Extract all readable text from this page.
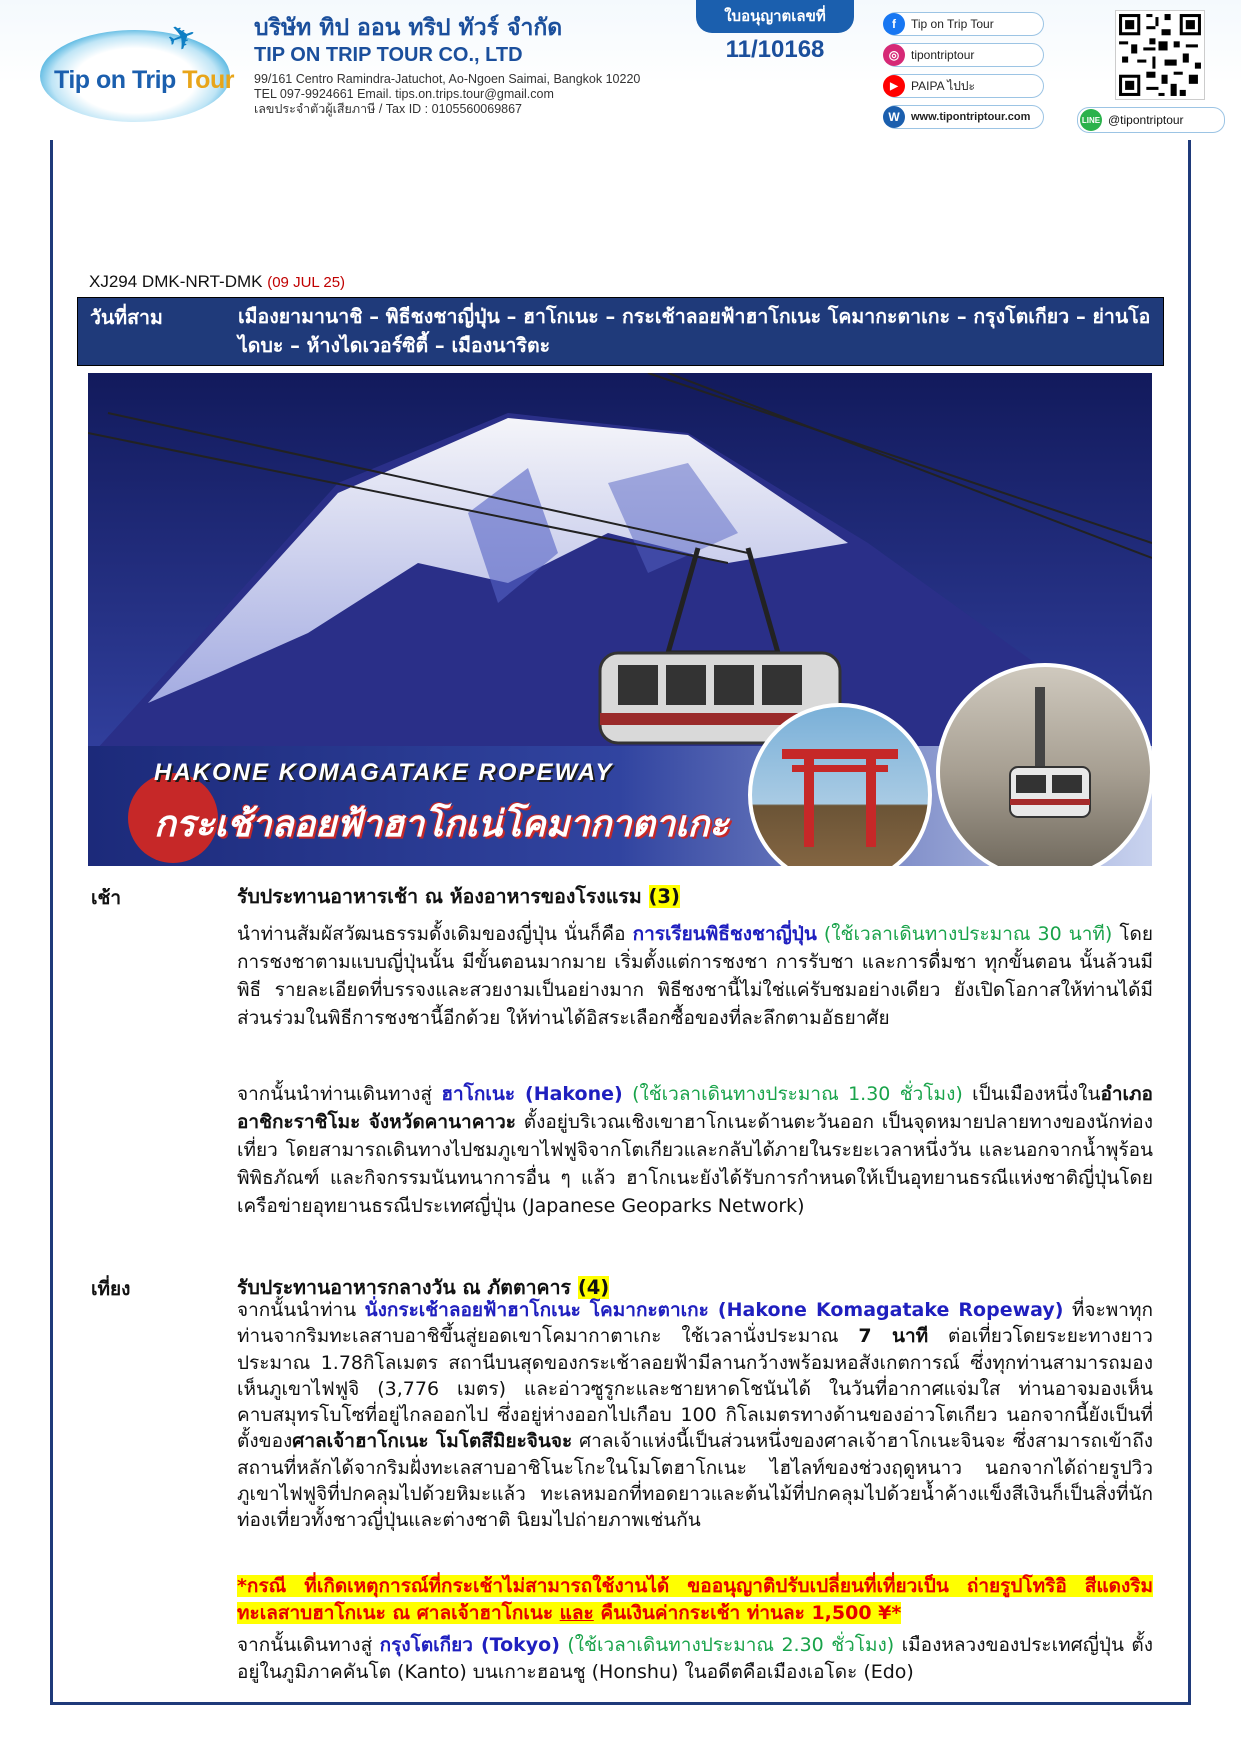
✈
Tip on Trip Tour
บริษัท ทิป ออน ทริป ทัวร์ จำกัด
TIP ON TRIP TOUR CO., LTD
99/161 Centro Ramindra-Jatuchot, Ao-Ngoen Saimai, Bangkok 10220
TEL 097-9924661 Email. tips.on.trips.tour@gmail.com
เลขประจำตัวผู้เสียภาษี / Tax ID : 0105560069867
ใบอนุญาตเลขที่
11/10168
f	Tip on Trip Tour
◎ tipontriptour
▶	PAIPA ไปปะ
W	www.tipontriptour.com	LINE @tipontriptour
XJ294 DMK-NRT-DMK (09 JUL 25)
วันที่สาม	เมืองยามานาชิ – พิธีชงชาญี่ปุ่น – ฮาโกเนะ – กระเช้าลอยฟ้าฮาโกเนะ โคมากะตาเกะ – กรุงโตเกียว – ย่านโอไดบะ – ห้างไดเวอร์ซิตี้ – เมืองนาริตะ
HAKONE KOMAGATAKE ROPEWAY
กระเช้าลอยฟ้าฮาโกเน่โคมากาตาเกะ
เช้า	รับประทานอาหารเช้า ณ ห้องอาหารของโรงแรม (3)
นำท่านสัมผัสวัฒนธรรมดั้งเดิมของญี่ปุ่น นั่นก็คือ การเรียนพิธีชงชาญี่ปุ่น (ใช้เวลาเดินทางประมาณ 30 นาที) โดยการชงชาตามแบบญี่ปุ่นนั้น มีขั้นตอนมากมาย เริ่มตั้งแต่การชงชา การรับชา และการดื่มชา ทุกขั้นตอน นั้นล้วนมีพิธี รายละเอียดที่บรรจงและสวยงามเป็นอย่างมาก พิธีชงชานี้ไม่ใช่แค่รับชมอย่างเดียว ยังเปิดโอกาสให้ท่านได้มีส่วนร่วมในพิธีการชงชานี้อีกด้วย ให้ท่านได้อิสระเลือกซื้อของที่ละลึกตามอัธยาศัย
จากนั้นนำท่านเดินทางสู่ ฮาโกเนะ (Hakone) (ใช้เวลาเดินทางประมาณ 1.30 ชั่วโมง) เป็นเมืองหนึ่งในอำเภออาชิกะราชิโมะ จังหวัดคานาคาวะ ตั้งอยู่บริเวณเชิงเขาฮาโกเนะด้านตะวันออก เป็นจุดหมายปลายทางของนักท่องเที่ยว โดยสามารถเดินทางไปชมภูเขาไฟฟูจิจากโตเกียวและกลับได้ภายในระยะเวลาหนึ่งวัน และนอกจากน้ำพุร้อน พิพิธภัณฑ์ และกิจกรรมนันทนาการอื่น ๆ แล้ว ฮาโกเนะยังได้รับการกำหนดให้เป็นอุทยานธรณีแห่งชาติญี่ปุ่นโดยเครือข่ายอุทยานธรณีประเทศญี่ปุ่น (Japanese Geoparks Network)
เที่ยง	รับประทานอาหารกลางวัน ณ ภัตตาคาร (4)
จากนั้นนำท่าน นั่งกระเช้าลอยฟ้าฮาโกเนะ โคมากะตาเกะ (Hakone Komagatake Ropeway) ที่จะพาทุกท่านจากริมทะเลสาบอาชิขึ้นสู่ยอดเขาโคมากาตาเกะ ใช้เวลานั่งประมาณ 7 นาที ต่อเที่ยวโดยระยะทางยาวประมาณ 1.78กิโลเมตร สถานีบนสุดของกระเช้าลอยฟ้ามีลานกว้างพร้อมหอสังเกตการณ์ ซึ่งทุกท่านสามารถมองเห็นภูเขาไฟฟูจิ (3,776 เมตร) และอ่าวซูรูกะและชายหาดโชนันได้ ในวันที่อากาศแจ่มใส ท่านอาจมองเห็นคาบสมุทรโบโซที่อยู่ไกลออกไป ซึ่งอยู่ห่างออกไปเกือบ 100 กิโลเมตรทางด้านของอ่าวโตเกียว นอกจากนี้ยังเป็นที่ตั้งของศาลเจ้าฮาโกเนะ โมโตสึมิยะจินจะ ศาลเจ้าแห่งนี้เป็นส่วนหนึ่งของศาลเจ้าฮาโกเนะจินจะ ซึ่งสามารถเข้าถึงสถานที่หลักได้จากริมฝั่งทะเลสาบอาชิโนะโกะในโมโตฮาโกเนะ ไฮไลท์ของช่วงฤดูหนาว นอกจากได้ถ่ายรูปวิวภูเขาไฟฟูจิที่ปกคลุมไปด้วยหิมะแล้ว ทะเลหมอกที่ทอดยาวและต้นไม้ที่ปกคลุมไปด้วยน้ำค้างแข็งสีเงินก็เป็นสิ่งที่นักท่องเที่ยวทั้งชาวญี่ปุ่นและต่างชาติ นิยมไปถ่ายภาพเช่นกัน
*กรณี ที่เกิดเหตุการณ์ที่กระเช้าไม่สามารถใช้งานได้ ขออนุญาติปรับเปลี่ยนที่เที่ยวเป็น ถ่ายรูปโทริอิ สีแดงริมทะเลสาบฮาโกเนะ ณ ศาลเจ้าฮาโกเนะ และ คืนเงินค่ากระเช้า ท่านละ 1,500 ¥*
จากนั้นเดินทางสู่ กรุงโตเกียว (Tokyo) (ใช้เวลาเดินทางประมาณ 2.30 ชั่วโมง) เมืองหลวงของประเทศญี่ปุ่น ตั้งอยู่ในภูมิภาคคันโต (Kanto) บนเกาะฮอนชู (Honshu) ในอดีตคือเมืองเอโดะ (Edo)
